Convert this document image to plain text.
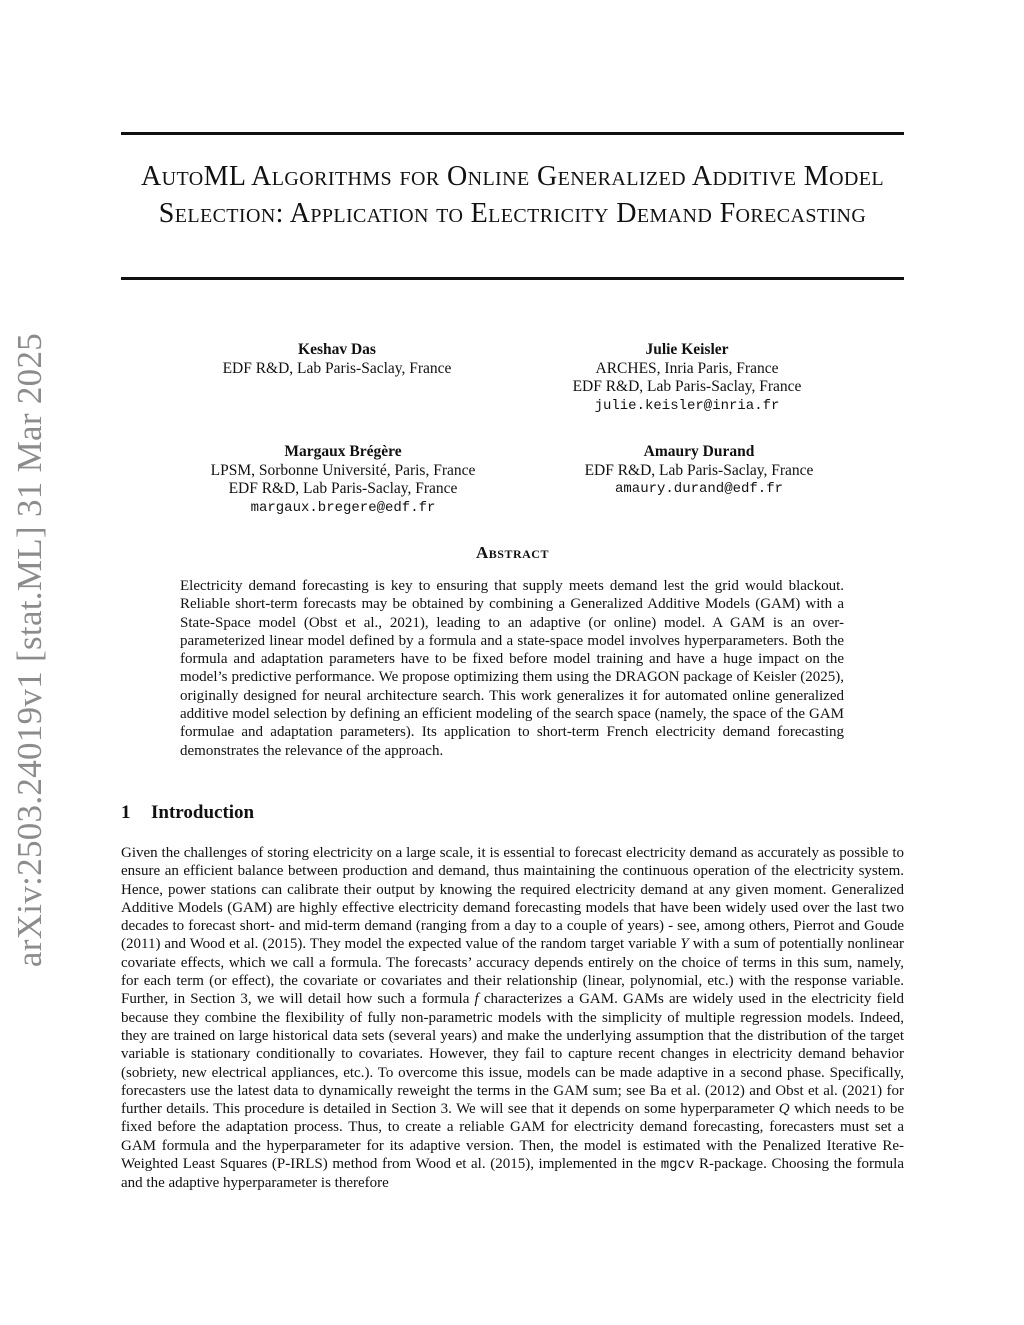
arXiv:2503.24019v1 [stat.ML] 31 Mar 2025
AutoML Algorithms for Online Generalized Additive Model Selection: Application to Electricity Demand Forecasting
Keshav Das
EDF R&D, Lab Paris-Saclay, France
Julie Keisler
ARCHES, Inria Paris, France
EDF R&D, Lab Paris-Saclay, France
julie.keisler@inria.fr
Margaux Brégère
LPSM, Sorbonne Université, Paris, France
EDF R&D, Lab Paris-Saclay, France
margaux.bregere@edf.fr
Amaury Durand
EDF R&D, Lab Paris-Saclay, France
amaury.durand@edf.fr
Abstract

Electricity demand forecasting is key to ensuring that supply meets demand lest the grid would blackout. Reliable short-term forecasts may be obtained by combining a Generalized Additive Models (GAM) with a State-Space model (Obst et al., 2021), leading to an adaptive (or online) model. A GAM is an over-parameterized linear model defined by a formula and a state-space model involves hyperparameters. Both the formula and adaptation parameters have to be fixed before model training and have a huge impact on the model’s predictive performance. We propose optimizing them using the DRAGON package of Keisler (2025), originally designed for neural architecture search. This work generalizes it for automated online generalized additive model selection by defining an efficient modeling of the search space (namely, the space of the GAM formulae and adaptation parameters). Its application to short-term French electricity demand forecasting demonstrates the relevance of the approach.

1 Introduction

Given the challenges of storing electricity on a large scale, it is essential to forecast electricity demand as accurately as possible to ensure an efficient balance between production and demand, thus maintaining the continuous operation of the electricity system. Hence, power stations can calibrate their output by knowing the required electricity demand at any given moment. Generalized Additive Models (GAM) are highly effective electricity demand forecasting models that have been widely used over the last two decades to forecast short- and mid-term demand (ranging from a day to a couple of years) - see, among others, Pierrot and Goude (2011) and Wood et al. (2015). They model the expected value of the random target variable Y with a sum of potentially nonlinear covariate effects, which we call a formula. The forecasts’ accuracy depends entirely on the choice of terms in this sum, namely, for each term (or effect), the covariate or covariates and their relationship (linear, polynomial, etc.) with the response variable. Further, in Section 3, we will detail how such a formula f characterizes a GAM. GAMs are widely used in the electricity field because they combine the flexibility of fully non-parametric models with the simplicity of multiple regression models. Indeed, they are trained on large historical data sets (several years) and make the underlying assumption that the distribution of the target variable is stationary conditionally to covariates. However, they fail to capture recent changes in electricity demand behavior (sobriety, new electrical appliances, etc.). To overcome this issue, models can be made adaptive in a second phase. Specifically, forecasters use the latest data to dynamically reweight the terms in the GAM sum; see Ba et al. (2012) and Obst et al. (2021) for further details. This procedure is detailed in Section 3. We will see that it depends on some hyperparameter Q which needs to be fixed before the adaptation process. Thus, to create a reliable GAM for electricity demand forecasting, forecasters must set a GAM formula and the hyperparameter for its adaptive version. Then, the model is estimated with the Penalized Iterative Re-Weighted Least Squares (P-IRLS) method from Wood et al. (2015), implemented in the mgcv R-package. Choosing the formula and the adaptive hyperparameter is therefore
